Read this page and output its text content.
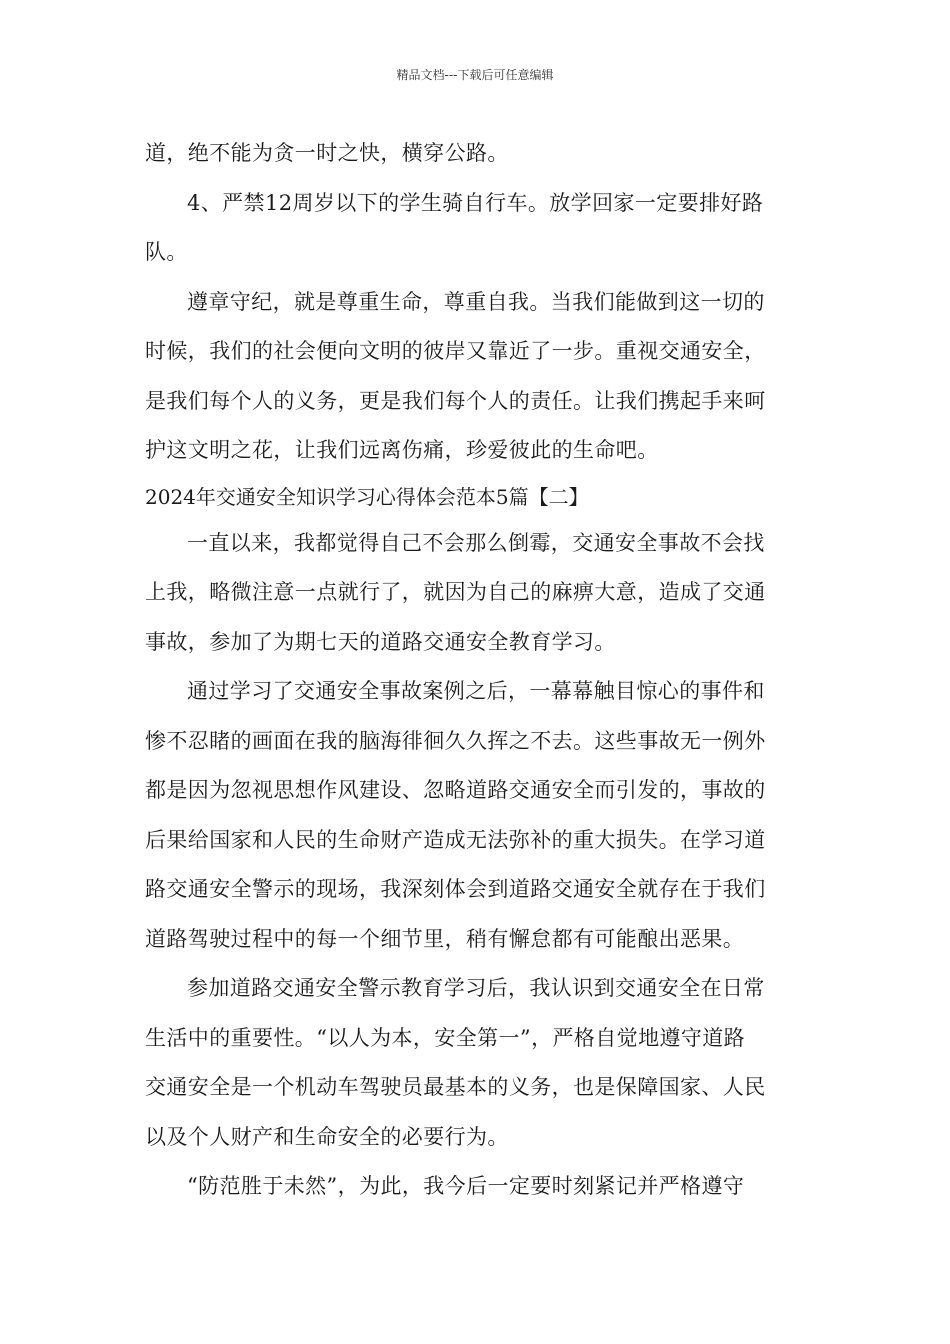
精品文档---下载后可任意编辑
道，绝不能为贪一时之快，横穿公路。
4、严禁12周岁以下的学生骑自行车。放学回家一定要排好路
队。
遵章守纪，就是尊重生命，尊重自我。当我们能做到这一切的
时候，我们的社会便向文明的彼岸又靠近了一步。重视交通安全，
是我们每个人的义务，更是我们每个人的责任。让我们携起手来呵
护这文明之花，让我们远离伤痛，珍爱彼此的生命吧。
2024年交通安全知识学习心得体会范本5篇【二】
一直以来，我都觉得自己不会那么倒霉，交通安全事故不会找
上我，略微注意一点就行了，就因为自己的麻痹大意，造成了交通
事故，参加了为期七天的道路交通安全教育学习。
通过学习了交通安全事故案例之后，一幕幕触目惊心的事件和
惨不忍睹的画面在我的脑海徘徊久久挥之不去。这些事故无一例外
都是因为忽视思想作风建设、忽略道路交通安全而引发的，事故的
后果给国家和人民的生命财产造成无法弥补的重大损失。在学习道
路交通安全警示的现场，我深刻体会到道路交通安全就存在于我们
道路驾驶过程中的每一个细节里，稍有懈怠都有可能酿出恶果。
参加道路交通安全警示教育学习后，我认识到交通安全在日常
生活中的重要性。“以人为本，安全第一”，严格自觉地遵守道路
交通安全是一个机动车驾驶员最基本的义务，也是保障国家、人民
以及个人财产和生命安全的必要行为。
“防范胜于未然”，为此，我今后一定要时刻紧记并严格遵守
